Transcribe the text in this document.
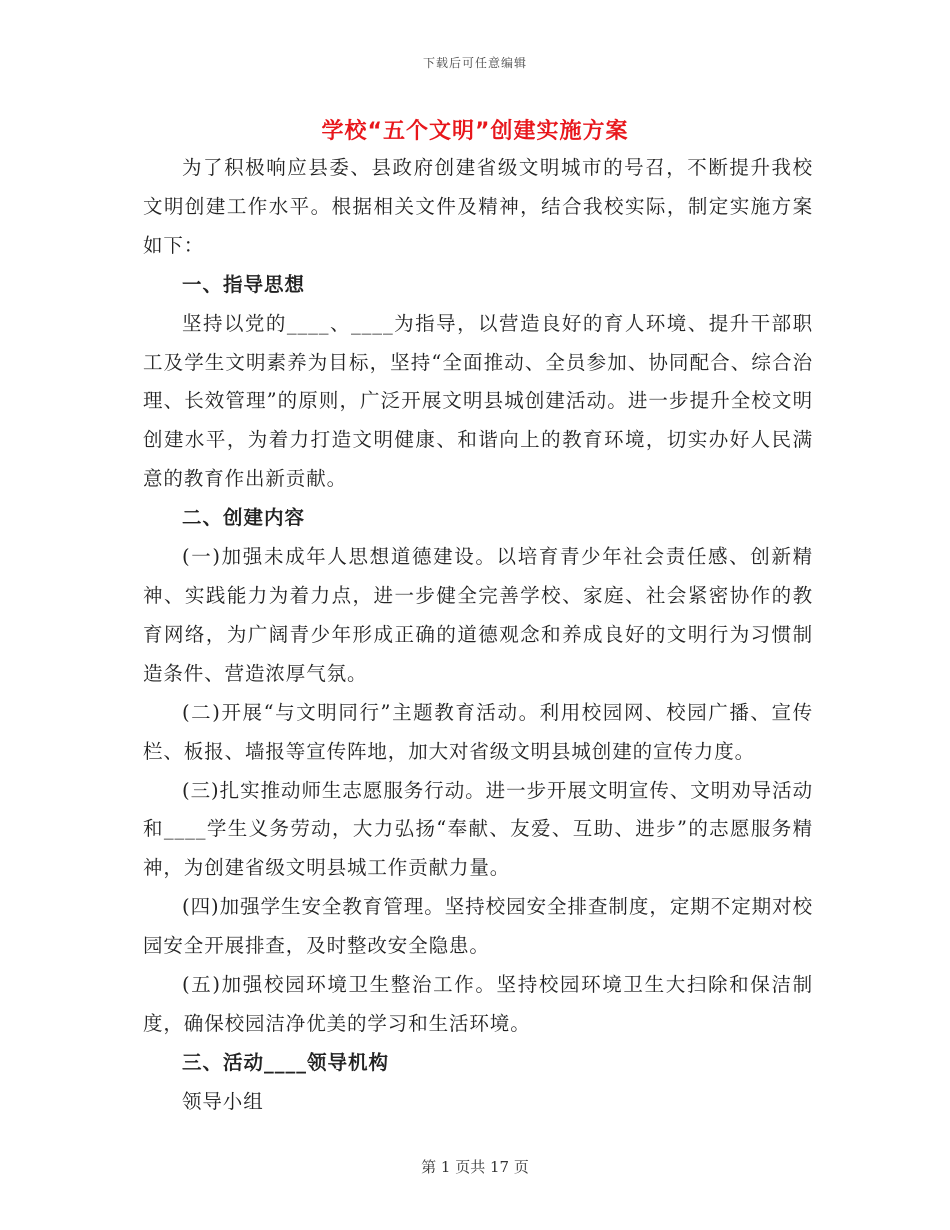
下载后可任意编辑
学校“五个文明”创建实施方案

为了积极响应县委、县政府创建省级文明城市的号召，不断提升我校文明创建工作水平。根据相关文件及精神，结合我校实际，制定实施方案如下：

一、指导思想

坚持以党的____、____为指导，以营造良好的育人环境、提升干部职工及学生文明素养为目标，坚持“全面推动、全员参加、协同配合、综合治理、长效管理”的原则，广泛开展文明县城创建活动。进一步提升全校文明创建水平，为着力打造文明健康、和谐向上的教育环境，切实办好人民满意的教育作出新贡献。

二、创建内容

(一)加强未成年人思想道德建设。以培育青少年社会责任感、创新精神、实践能力为着力点，进一步健全完善学校、家庭、社会紧密协作的教育网络，为广阔青少年形成正确的道德观念和养成良好的文明行为习惯制造条件、营造浓厚气氛。

(二)开展“与文明同行”主题教育活动。利用校园网、校园广播、宣传栏、板报、墙报等宣传阵地，加大对省级文明县城创建的宣传力度。

(三)扎实推动师生志愿服务行动。进一步开展文明宣传、文明劝导活动和____学生义务劳动，大力弘扬“奉献、友爱、互助、进步”的志愿服务精神，为创建省级文明县城工作贡献力量。

(四)加强学生安全教育管理。坚持校园安全排查制度，定期不定期对校园安全开展排查，及时整改安全隐患。

(五)加强校园环境卫生整治工作。坚持校园环境卫生大扫除和保洁制度，确保校园洁净优美的学习和生活环境。

三、活动____领导机构

领导小组

第 1 页共 17 页
